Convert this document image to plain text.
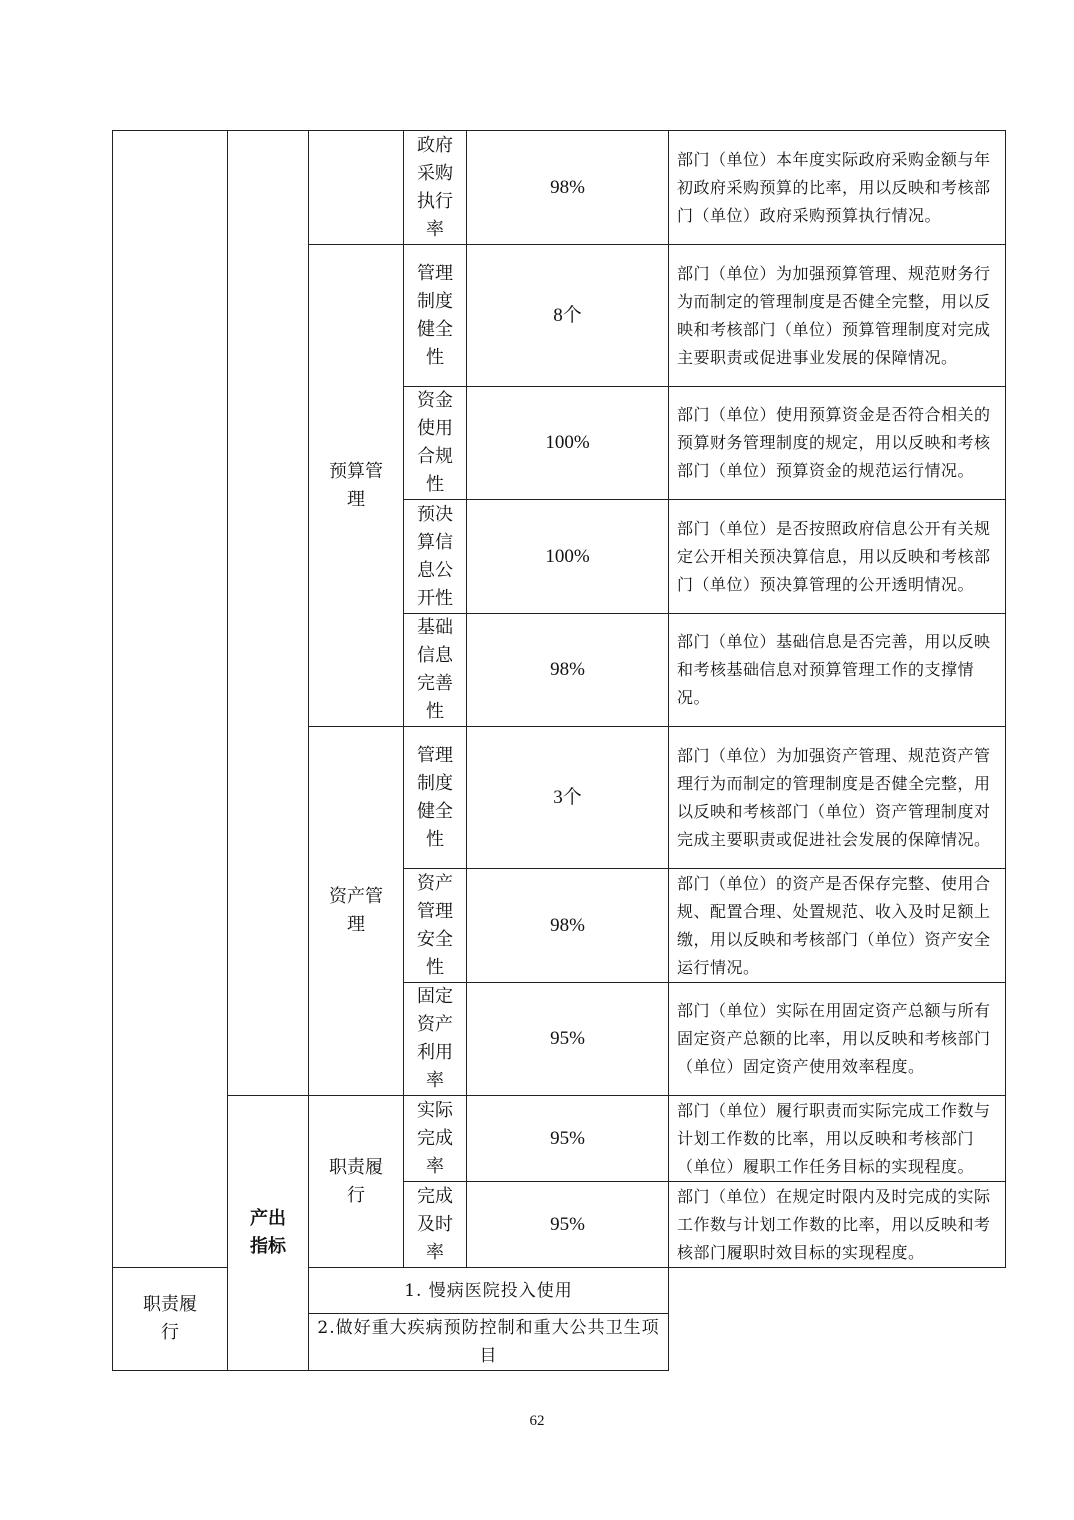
			政府采购执行率	98%	部门（单位）本年度实际政府采购金额与年初政府采购预算的比率，用以反映和考核部门（单位）政府采购预算执行情况。
		预算管理	管理制度健全性	8个	部门（单位）为加强预算管理、规范财务行为而制定的管理制度是否健全完整，用以反映和考核部门（单位）预算管理制度对完成主要职责或促进事业发展的保障情况。
			资金使用合规性	100%	部门（单位）使用预算资金是否符合相关的预算财务管理制度的规定，用以反映和考核部门（单位）预算资金的规范运行情况。
			预决算信息公开性	100%	部门（单位）是否按照政府信息公开有关规定公开相关预决算信息，用以反映和考核部门（单位）预决算管理的公开透明情况。
			基础信息完善性	98%	部门（单位）基础信息是否完善，用以反映和考核基础信息对预算管理工作的支撑情况。
		资产管理	管理制度健全性	3个	部门（单位）为加强资产管理、规范资产管理行为而制定的管理制度是否健全完整，用以反映和考核部门（单位）资产管理制度对完成主要职责或促进社会发展的保障情况。
			资产管理安全性	98%	部门（单位）的资产是否保存完整、使用合规、配置合理、处置规范、收入及时足额上缴，用以反映和考核部门（单位）资产安全运行情况。
			固定资产利用率	95%	部门（单位）实际在用固定资产总额与所有固定资产总额的比率，用以反映和考核部门（单位）固定资产使用效率程度。
	产出指标	职责履行	实际完成率	95%	部门（单位）履行职责而实际完成工作数与计划工作数的比率，用以反映和考核部门（单位）履职工作任务目标的实现程度。
			完成及时率	95%	部门（单位）在规定时限内及时完成的实际工作数与计划工作数的比率，用以反映和考核部门履职时效目标的实现程度。
职责履行		1. 慢病医院投入使用			
		2.做好重大疾病预防控制和重大公共卫生项目			
62
